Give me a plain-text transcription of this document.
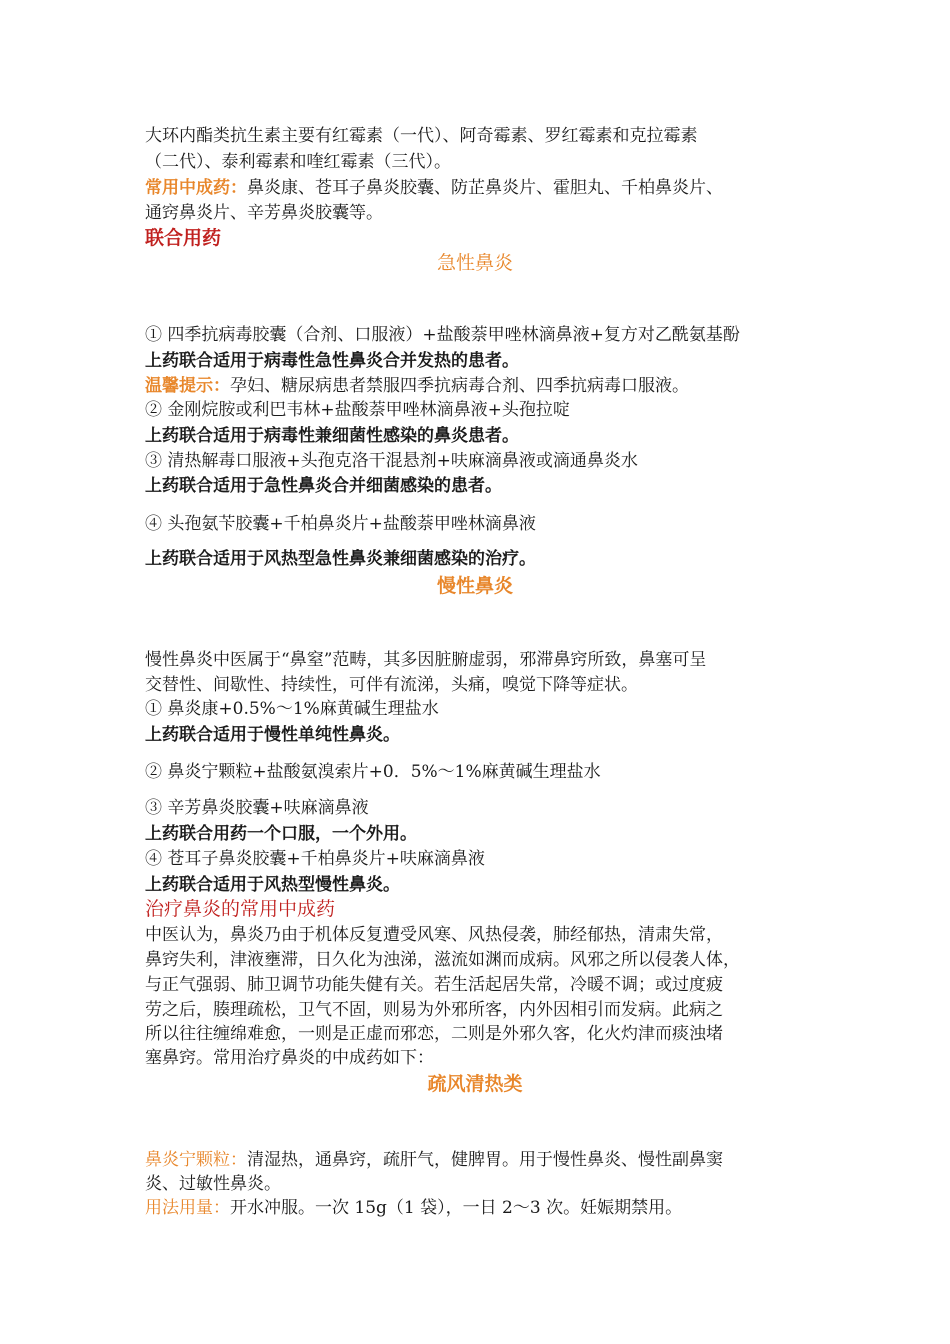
大环内酯类抗生素主要有红霉素（一代）、阿奇霉素、罗红霉素和克拉霉素
（二代）、泰利霉素和喹红霉素（三代）。
常用中成药：鼻炎康、苍耳子鼻炎胶囊、防芷鼻炎片、霍胆丸、千柏鼻炎片、
通窍鼻炎片、辛芳鼻炎胶囊等。
联合用药
急性鼻炎
① 四季抗病毒胶囊（合剂、口服液）+盐酸萘甲唑林滴鼻液+复方对乙酰氨基酚
上药联合适用于病毒性急性鼻炎合并发热的患者。
温馨提示：孕妇、糖尿病患者禁服四季抗病毒合剂、四季抗病毒口服液。
② 金刚烷胺或利巴韦林+盐酸萘甲唑林滴鼻液+头孢拉啶
上药联合适用于病毒性兼细菌性感染的鼻炎患者。
③ 清热解毒口服液+头孢克洛干混悬剂+呋麻滴鼻液或滴通鼻炎水
上药联合适用于急性鼻炎合并细菌感染的患者。
④ 头孢氨苄胶囊+千柏鼻炎片+盐酸萘甲唑林滴鼻液
上药联合适用于风热型急性鼻炎兼细菌感染的治疗。
慢性鼻炎
慢性鼻炎中医属于“鼻窒”范畴，其多因脏腑虚弱，邪滞鼻窍所致，鼻塞可呈
交替性、间歇性、持续性，可伴有流涕，头痛，嗅觉下降等症状。
① 鼻炎康+0.5%～1%麻黄碱生理盐水
上药联合适用于慢性单纯性鼻炎。
② 鼻炎宁颗粒+盐酸氨溴索片+0．5%～1%麻黄碱生理盐水
③ 辛芳鼻炎胶囊+呋麻滴鼻液
上药联合用药一个口服，一个外用。
④ 苍耳子鼻炎胶囊+千柏鼻炎片+呋麻滴鼻液
上药联合适用于风热型慢性鼻炎。
治疗鼻炎的常用中成药
中医认为，鼻炎乃由于机体反复遭受风寒、风热侵袭，肺经郁热，清肃失常，
鼻窍失利，津液壅滞，日久化为浊涕，滋流如渊而成病。风邪之所以侵袭人体，
与正气强弱、肺卫调节功能失健有关。若生活起居失常，冷暖不调；或过度疲
劳之后，腠理疏松，卫气不固，则易为外邪所客，内外因相引而发病。此病之
所以往往缠绵难愈，一则是正虚而邪恋，二则是外邪久客，化火灼津而痰浊堵
塞鼻窍。常用治疗鼻炎的中成药如下：
疏风清热类
鼻炎宁颗粒：清湿热，通鼻窍，疏肝气，健脾胃。用于慢性鼻炎、慢性副鼻窦
炎、过敏性鼻炎。
用法用量：开水冲服。一次 15g（1 袋），一日 2～3 次。妊娠期禁用。
